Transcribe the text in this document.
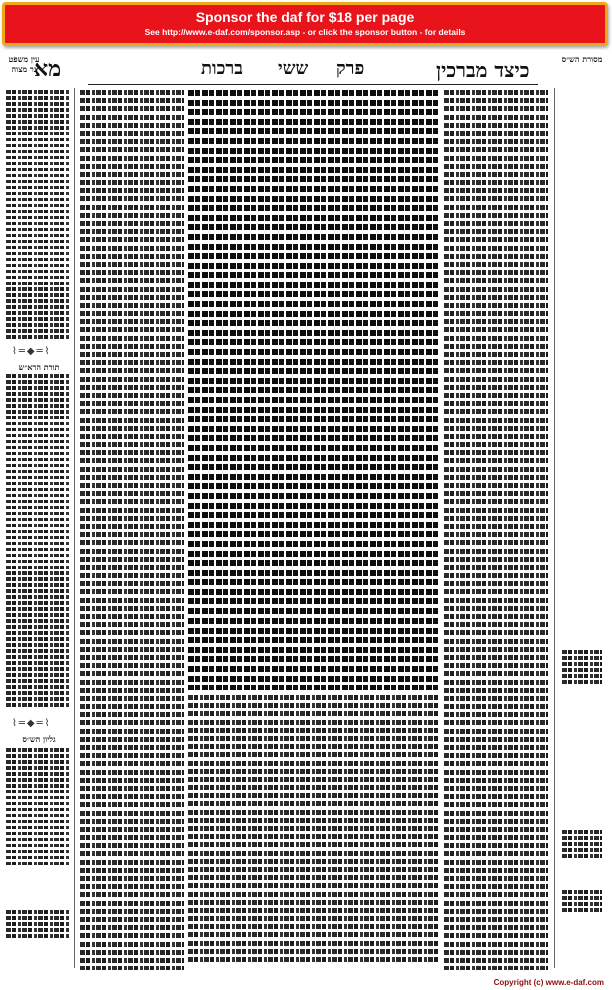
Sponsor the daf for $18 per page
See http://www.e-daf.com/sponsor.asp - or click the sponsor button - for details
מא	כיצד מברכין
פרק
ששי
ברכות
עין משפט נר מצוה
⌇═◆═⌇
תורת הרא״ש
⌇═◆═⌇
גליון הש״ס
מסורת הש״ס
Copyright (c) www.e-daf.com
